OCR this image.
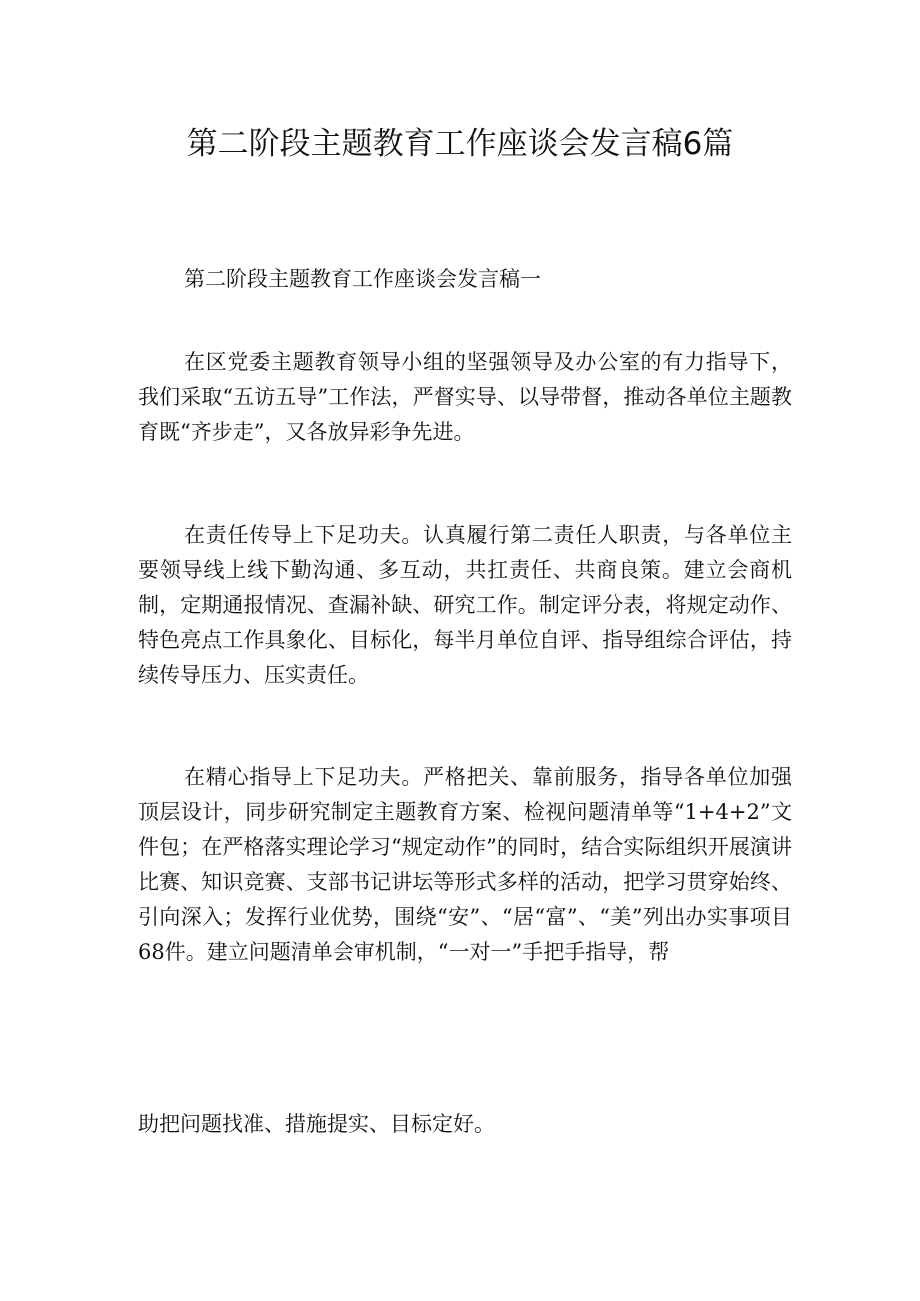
第二阶段主题教育工作座谈会发言稿6篇

第二阶段主题教育工作座谈会发言稿一

在区党委主题教育领导小组的坚强领导及办公室的有力指导下，我们采取“五访五导”工作法，严督实导、以导带督，推动各单位主题教育既“齐步走”，又各放异彩争先进。

在责任传导上下足功夫。认真履行第二责任人职责，与各单位主要领导线上线下勤沟通、多互动，共扛责任、共商良策。建立会商机制，定期通报情况、查漏补缺、研究工作。制定评分表，将规定动作、特色亮点工作具象化、目标化，每半月单位自评、指导组综合评估，持续传导压力、压实责任。

在精心指导上下足功夫。严格把关、靠前服务，指导各单位加强顶层设计，同步研究制定主题教育方案、检视问题清单等“1+4+2”文件包；在严格落实理论学习“规定动作”的同时，结合实际组织开展演讲比赛、知识竞赛、支部书记讲坛等形式多样的活动，把学习贯穿始终、引向深入；发挥行业优势，围绕“安”、“居“富”、“美”列出办实事项目68件。建立问题清单会审机制，“一对一”手把手指导，帮

助把问题找准、措施提实、目标定好。
